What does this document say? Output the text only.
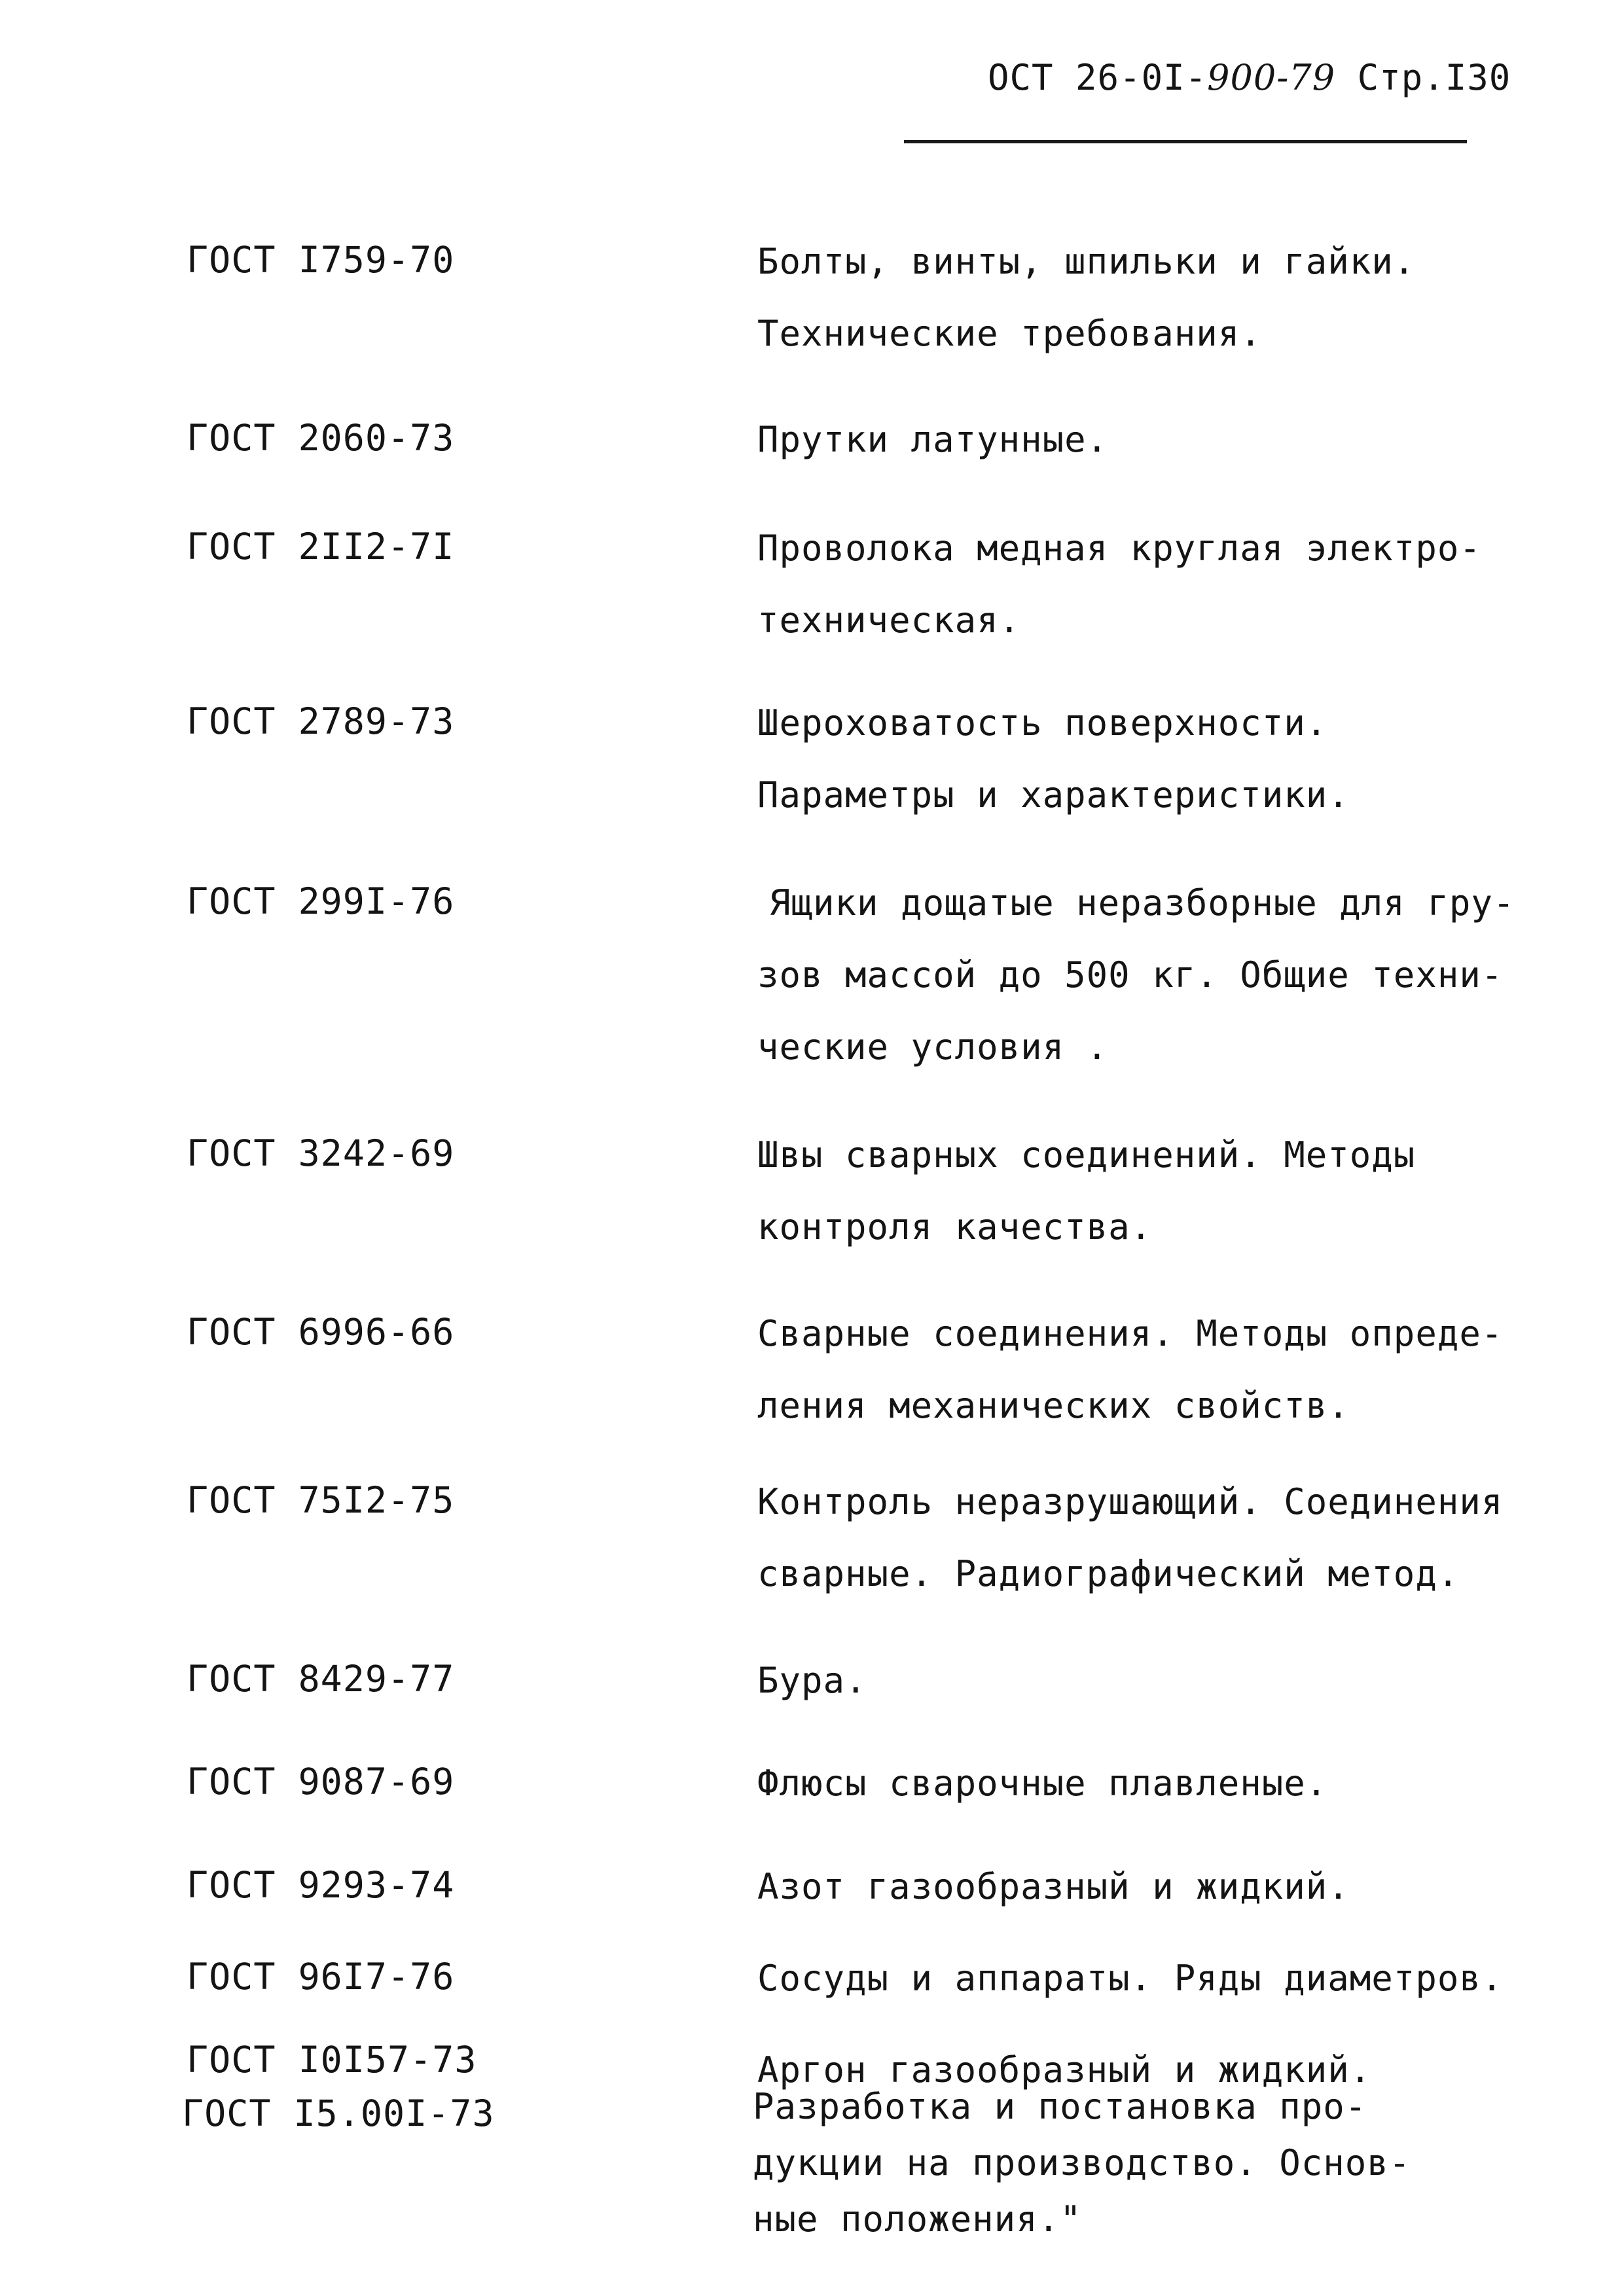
ОСТ 26-0I-900-79 Стр.I30
ГОСТ I759-70	Болты, винты, шпильки и гайки.
Технические требования.
ГОСТ 2060-73	Прутки латунные.
ГОСТ 2II2-7I	Проволока медная круглая электро-
техническая.
ГОСТ 2789-73	Шероховатость поверхности.
Параметры и характеристики.
ГОСТ 299I-76	Ящики дощатые неразборные для гру-
зов массой до 500 кг. Общие техни-
ческие условия .
ГОСТ 3242-69	Швы сварных соединений. Методы
контроля качества.
ГОСТ 6996-66	Сварные соединения. Методы опреде-
ления механических свойств.
ГОСТ 75I2-75	Контроль неразрушающий. Соединения
сварные. Радиографический метод.
ГОСТ 8429-77	Бура.
ГОСТ 9087-69	Флюсы сварочные плавленые.
ГОСТ 9293-74	Азот газообразный и жидкий.
ГОСТ 96I7-76	Сосуды и аппараты. Ряды диаметров.
ГОСТ I0I57-73	Аргон газообразный и жидкий.
ГОСТ I5.00I-73	Разработка и постановка про-
дукции на производство. Основ-
ные положения."
